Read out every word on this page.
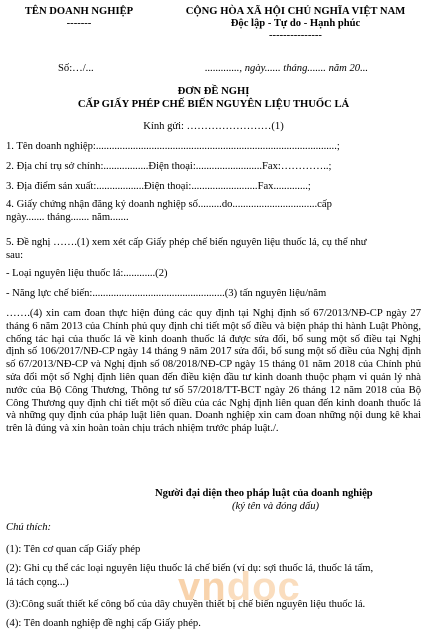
TÊN DOANH NGHIỆP
-------
CỘNG HÒA XÃ HỘI CHỦ NGHĨA VIỆT NAM
Độc lập - Tự do - Hạnh phúc
---------------
Số:…/...	............., ngày...... tháng....... năm 20...
ĐƠN ĐỀ NGHỊ
CẤP GIẤY PHÉP CHẾ BIẾN NGUYÊN LIỆU THUỐC LÁ
Kính gửi: ……………………(1)
1. Tên doanh nghiệp:...........................................................................................;
2. Địa chỉ trụ sở chính:.................Điện thoại:.........................Fax:…………..;
3. Địa điểm sản xuất:..................Điện thoại:.........................Fax.............;
4. Giấy chứng nhận đăng ký doanh nghiệp số.........do................................cấp
ngày....... tháng....... năm.......
5. Đề nghị …….(1) xem xét cấp Giấy phép chế biến nguyên liệu thuốc lá, cụ thể như
sau:
- Loại nguyên liệu thuốc lá:............(2)
- Năng lực chế biến:..................................................(3) tấn nguyên liệu/năm
…….(4) xin cam đoan thực hiện đúng các quy định tại Nghị định số 67/2013/NĐ-CP ngày 27 tháng 6 năm 2013 của Chính phủ quy định chi tiết một số điều và biện pháp thi hành Luật Phòng, chống tác hại của thuốc lá về kinh doanh thuốc lá được sửa đổi, bổ sung một số điều tại Nghị định số 106/2017/NĐ-CP ngày 14 tháng 9 năm 2017 sửa đổi, bổ sung một số điều của Nghị định số 67/2013/NĐ-CP và Nghị định số 08/2018/NĐ-CP ngày 15 tháng 01 năm 2018 của Chính phủ sửa đổi một số Nghị định liên quan đến điều kiện đầu tư kinh doanh thuộc phạm vi quản lý nhà nước của Bộ Công Thương, Thông tư số 57/2018/TT-BCT ngày 26 tháng 12 năm 2018 của Bộ Công Thương quy định chi tiết một số điều của các Nghị định liên quan đến kinh doanh thuốc lá và những quy định của pháp luật liên quan. Doanh nghiệp xin cam đoan những nội dung kê khai trên là đúng và xin hoàn toàn chịu trách nhiệm trước pháp luật./.
Người đại diện theo pháp luật của doanh nghiệp
(ký tên và đóng dấu)
Chú thích:
(1): Tên cơ quan cấp Giấy phép
(2): Ghi cụ thể các loại nguyên liệu thuốc lá chế biến (ví dụ: sợi thuốc lá, thuốc lá tấm,
lá tách cọng...)
(3):Công suất thiết kế công bố của dây chuyền thiết bị chế biến nguyên liệu thuốc lá.
(4): Tên doanh nghiệp đề nghị cấp Giấy phép.
vndoc
